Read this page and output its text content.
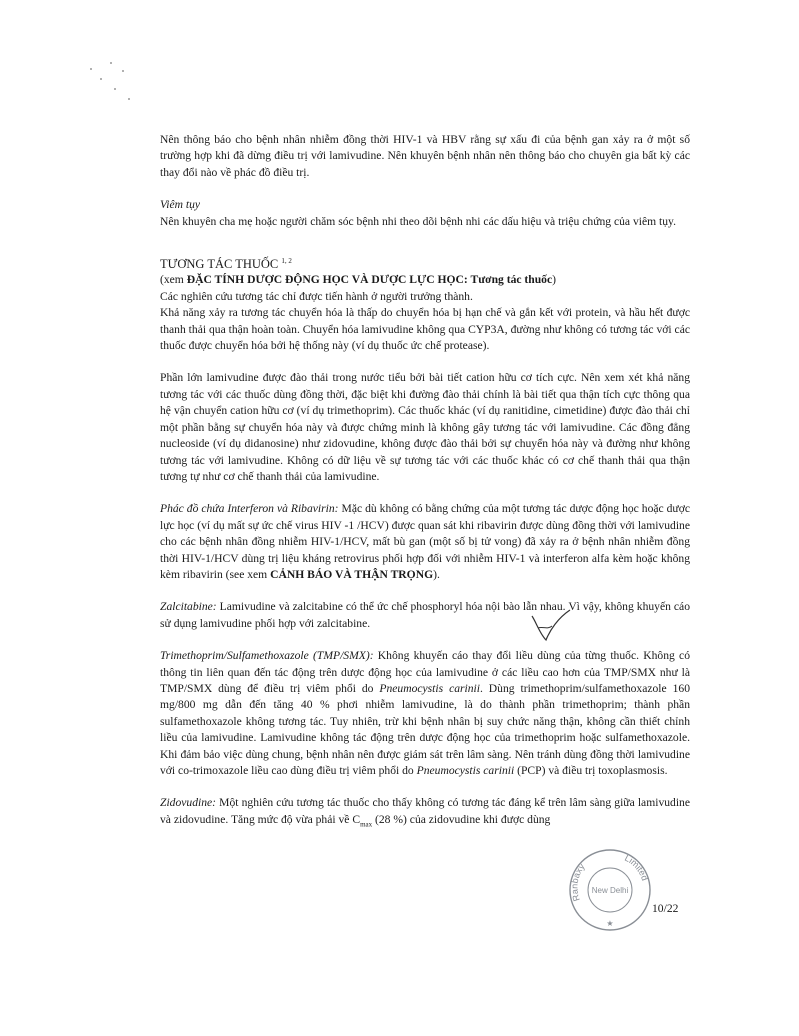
Nên thông báo cho bệnh nhân nhiễm đồng thời HIV-1 và HBV rằng sự xấu đi của bệnh gan xảy ra ở một số trường hợp khi đã dừng điều trị với lamivudine. Nên khuyên bệnh nhân nên thông báo cho chuyên gia bất kỳ các thay đổi nào về phác đồ điều trị.

Viêm tụy

Nên khuyên cha mẹ hoặc người chăm sóc bệnh nhi theo dõi bệnh nhi các dấu hiệu và triệu chứng của viêm tụy.

TƯƠNG TÁC THUỐC $^{1, 2}$

(xem ĐẶC TÍNH DƯỢC ĐỘNG HỌC VÀ DƯỢC LỰC HỌC: Tương tác thuốc)

Các nghiên cứu tương tác chỉ được tiến hành ở người trưởng thành.

Khả năng xảy ra tương tác chuyển hóa là thấp do chuyển hóa bị hạn chế và gắn kết với protein, và hầu hết được thanh thải qua thận hoàn toàn. Chuyển hóa lamivudine không qua CYP3A, đường như không có tương tác với các thuốc được chuyển hóa bởi hệ thống này (ví dụ thuốc ức chế protease).

Phần lớn lamivudine được đào thải trong nước tiểu bởi bài tiết cation hữu cơ tích cực. Nên xem xét khả năng tương tác với các thuốc dùng đồng thời, đặc biệt khi đường đào thải chính là bài tiết qua thận tích cực thông qua hệ vận chuyển cation hữu cơ (ví dụ trimethoprim). Các thuốc khác (ví dụ ranitidine, cimetidine) được đào thải chỉ một phần bằng sự chuyển hóa này và được chứng minh là không gây tương tác với lamivudine. Các đồng đẳng nucleoside (ví dụ didanosine) như zidovudine, không được đào thải bởi sự chuyển hóa này và đường như không tương tác với lamivudine. Không có dữ liệu về sự tương tác với các thuốc khác có cơ chế thanh thải qua thận tương tự như cơ chế thanh thải của lamivudine.

Phác đồ chứa Interferon và Ribavirin: Mặc dù không có bằng chứng của một tương tác dược động học hoặc dược lực học (ví dụ mất sự ức chế virus HIV -1 /HCV) được quan sát khi ribavirin được dùng đồng thời với lamivudine cho các bệnh nhân đồng nhiễm HIV-1/HCV, mất bù gan (một số bị tử vong) đã xảy ra ở bệnh nhân nhiễm đồng thời HIV-1/HCV dùng trị liệu kháng retrovirus phối hợp đối với nhiễm HIV-1 và interferon alfa kèm hoặc không kèm ribavirin (see xem CẢNH BÁO VÀ THẬN TRỌNG).

Zalcitabine: Lamivudine và zalcitabine có thể ức chế phosphoryl hóa nội bào lẫn nhau. Vì vậy, không khuyến cáo sử dụng lamivudine phối hợp với zalcitabine.

Trimethoprim/Sulfamethoxazole (TMP/SMX): Không khuyến cáo thay đổi liều dùng của từng thuốc. Không có thông tin liên quan đến tác động trên dược động học của lamivudine ở các liều cao hơn của TMP/SMX như là TMP/SMX dùng để điều trị viêm phổi do Pneumocystis carinii. Dùng trimethoprim/sulfamethoxazole 160 mg/800 mg dẫn đến tăng 40 % phơi nhiễm lamivudine, là do thành phần trimethoprim; thành phần sulfamethoxazole không tương tác. Tuy nhiên, trừ khi bệnh nhân bị suy chức năng thận, không cần thiết chỉnh liều của lamivudine. Lamivudine không tác động trên dược động học của trimethoprim hoặc sulfamethoxazole. Khi đảm bảo việc dùng chung, bệnh nhân nên được giám sát trên lâm sàng. Nên tránh dùng đồng thời lamivudine với co-trimoxazole liều cao dùng điều trị viêm phổi do Pneumocystis carinii (PCP) và điều trị toxoplasmosis.

Zidovudine: Một nghiên cứu tương tác thuốc cho thấy không có tương tác đáng kể trên lâm sàng giữa lamivudine và zidovudine. Tăng mức độ vừa phải về $C_{max}$ (28 %) của zidovudine khi được dùng

Ranbaxy
Limited
New Delhi
★
10/22
